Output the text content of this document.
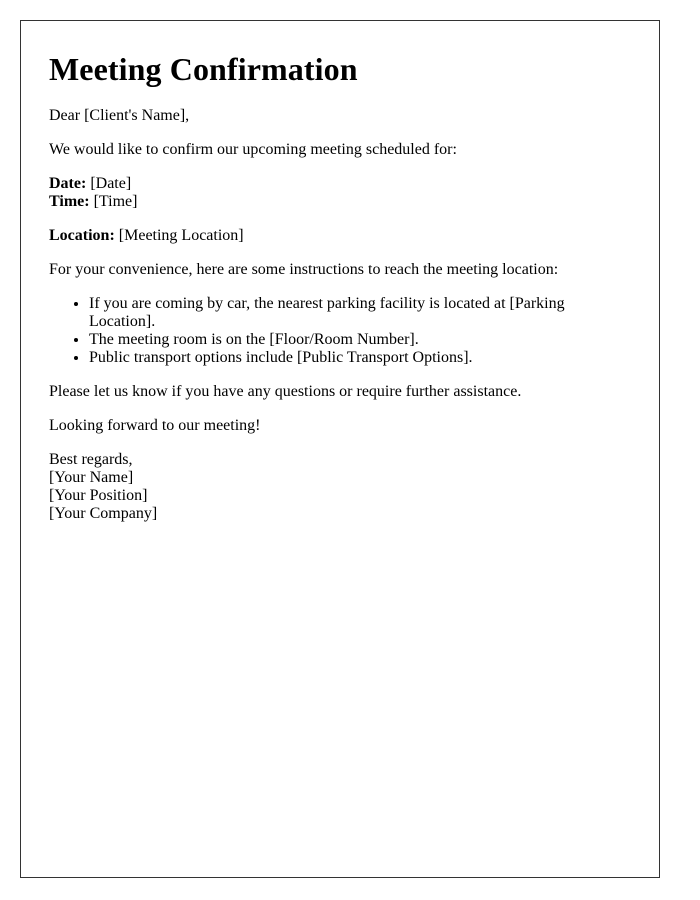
Meeting Confirmation

Dear [Client's Name],

We would like to confirm our upcoming meeting scheduled for:

Date: [Date]

Time: [Time]

Location: [Meeting Location]

For your convenience, here are some instructions to reach the meeting location:

• If you are coming by car, the nearest parking facility is located at [Parking Location].
• The meeting room is on the [Floor/Room Number].
• Public transport options include [Public Transport Options].

Please let us know if you have any questions or require further assistance.

Looking forward to our meeting!

Best regards,

[Your Name]

[Your Position]

[Your Company]
